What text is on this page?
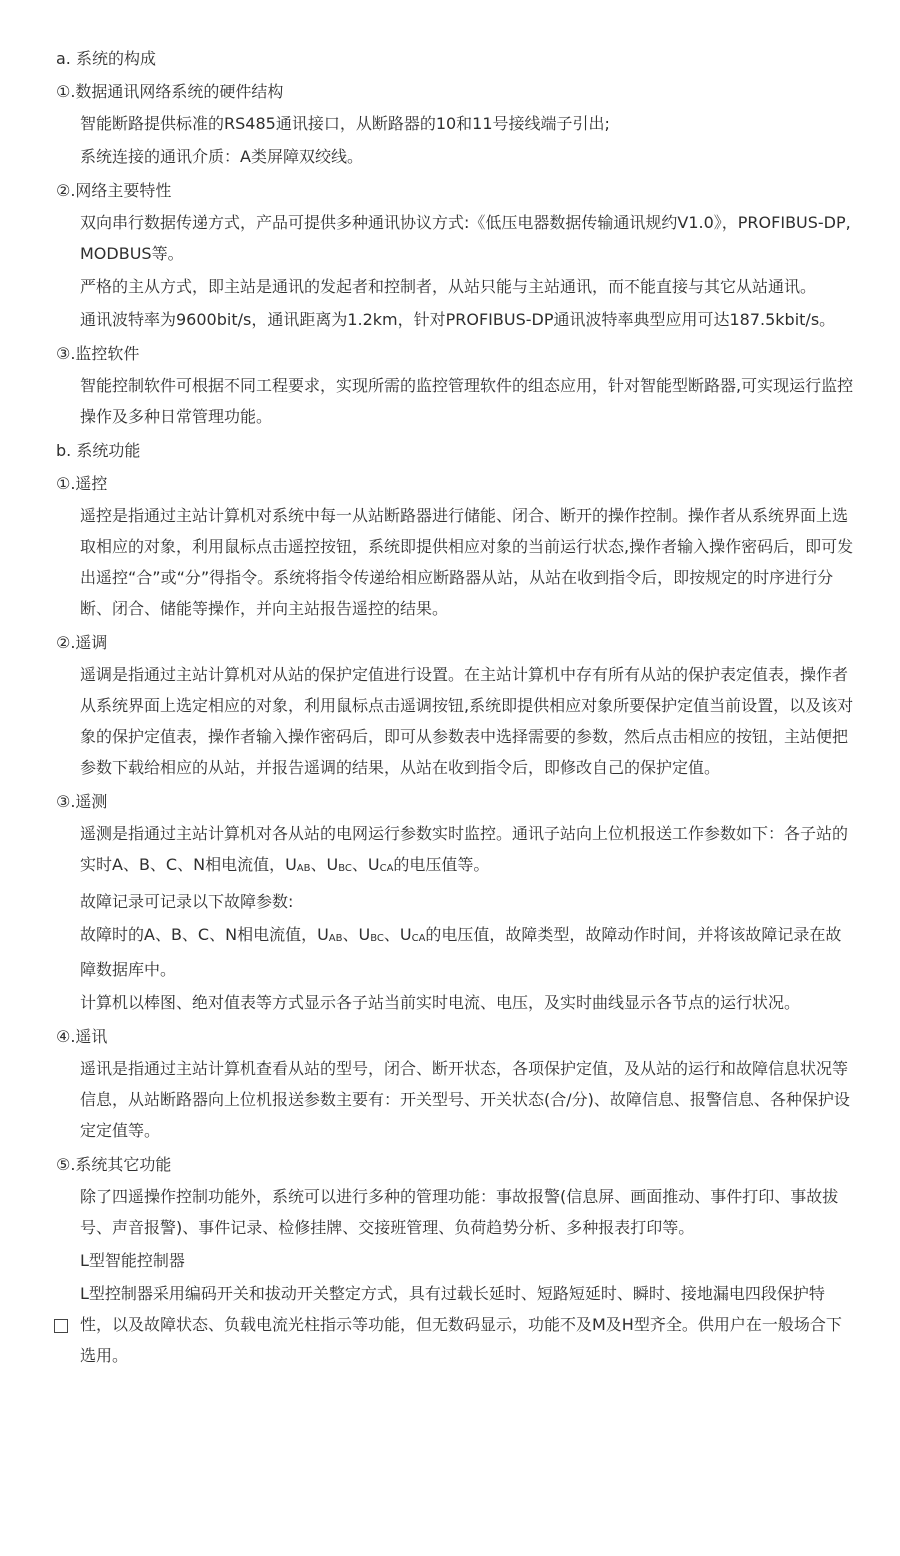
a. 系统的构成
①.数据通讯网络系统的硬件结构
智能断路提供标准的RS485通讯接口，从断路器的10和11号接线端子引出;
系统连接的通讯介质：A类屏障双绞线。
②.网络主要特性
双向串行数据传递方式，产品可提供多种通讯协议方式:《低压电器数据传输通讯规约V1.0》，PROFIBUS-DP, MODBUS等。
严格的主从方式，即主站是通讯的发起者和控制者，从站只能与主站通讯，而不能直接与其它从站通讯。
通讯波特率为9600bit/s，通讯距离为1.2km，针对PROFIBUS-DP通讯波特率典型应用可达187.5kbit/s。
③.监控软件
智能控制软件可根据不同工程要求，实现所需的监控管理软件的组态应用，针对智能型断路器,可实现运行监控操作及多种日常管理功能。
b. 系统功能
①.遥控
遥控是指通过主站计算机对系统中每一从站断路器进行储能、闭合、断开的操作控制。操作者从系统界面上选取相应的对象，利用鼠标点击遥控按钮，系统即提供相应对象的当前运行状态,操作者输入操作密码后，即可发出遥控“合”或“分”得指令。系统将指令传递给相应断路器从站，从站在收到指令后，即按规定的时序进行分断、闭合、储能等操作，并向主站报告遥控的结果。
②.遥调
遥调是指通过主站计算机对从站的保护定值进行设置。在主站计算机中存有所有从站的保护表定值表，操作者从系统界面上选定相应的对象，利用鼠标点击遥调按钮,系统即提供相应对象所要保护定值当前设置，以及该对象的保护定值表，操作者输入操作密码后，即可从参数表中选择需要的参数，然后点击相应的按钮，主站便把参数下载给相应的从站，并报告遥调的结果，从站在收到指令后，即修改自己的保护定值。
③.遥测
遥测是指通过主站计算机对各从站的电网运行参数实时监控。通讯子站向上位机报送工作参数如下：各子站的实时A、B、C、N相电流值，$U_{AB}$、$U_{BC}$、$U_{CA}$的电压值等。
故障记录可记录以下故障参数:
故障时的A、B、C、N相电流值，$U_{AB}$、$U_{BC}$、$U_{CA}$的电压值，故障类型，故障动作时间，并将该故障记录在故障数据库中。
计算机以棒图、绝对值表等方式显示各子站当前实时电流、电压，及实时曲线显示各节点的运行状况。
④.遥讯
遥讯是指通过主站计算机查看从站的型号，闭合、断开状态，各项保护定值，及从站的运行和故障信息状况等信息，从站断路器向上位机报送参数主要有：开关型号、开关状态(合/分)、故障信息、报警信息、各种保护设定定值等。
⑤.系统其它功能
除了四遥操作控制功能外，系统可以进行多种的管理功能：事故报警(信息屏、画面推动、事件打印、事故拔号、声音报警)、事件记录、检修挂牌、交接班管理、负荷趋势分析、多种报表打印等。
L型智能控制器
L型控制器采用编码开关和拔动开关整定方式，具有过载长延时、短路短延时、瞬时、接地漏电四段保护特性，以及故障状态、负载电流光柱指示等功能，但无数码显示，功能不及M及H型齐全。供用户在一般场合下选用。
